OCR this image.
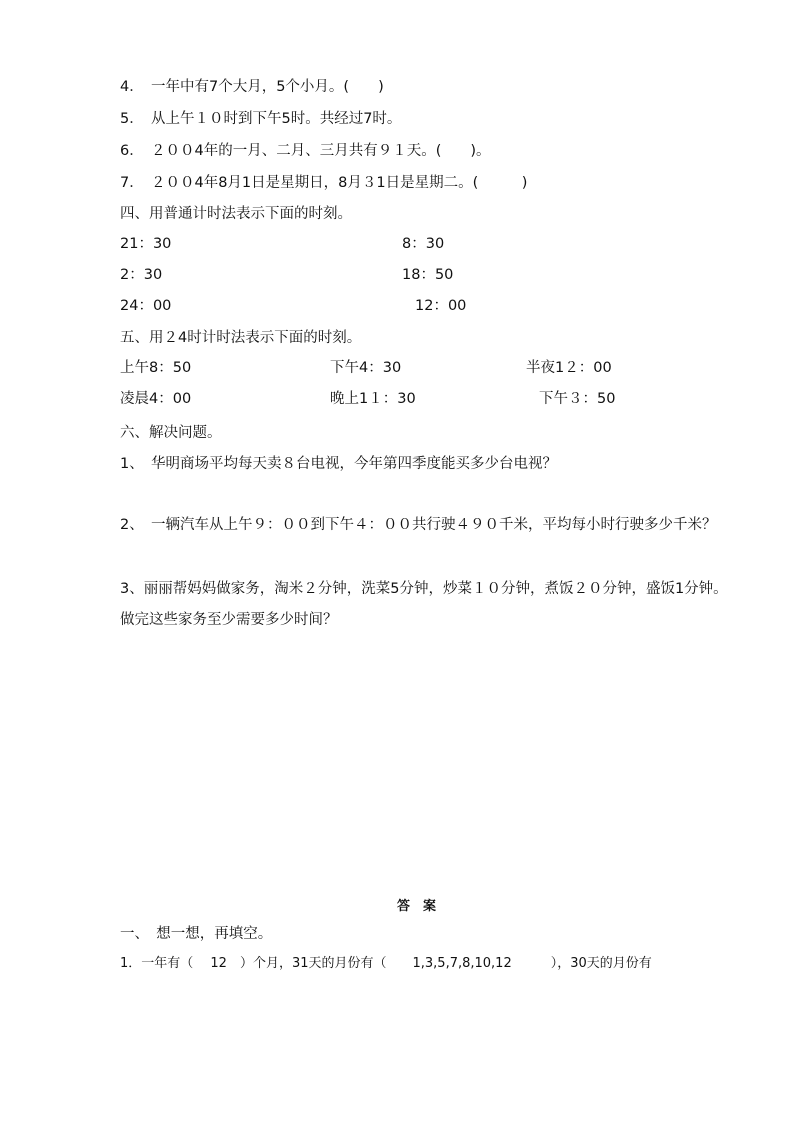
4．　一年中有7个大月，5个小月。(　　)
5．　从上午１０时到下午5时。共经过7时。
6．　２００4年的一月、二月、三月共有９１天。(　　)。
7．　２００4年8月1日是星期日，8月３1日是星期二。(　　　)
四、用普通计时法表示下面的时刻。
21：30	8：30
2：30	18：50
24：00	12：00
五、用２4时计时法表示下面的时刻。
上午8：50	下午4：30	半夜1２：00
凌晨4：00	晚上1１：30	下午３：50
六、解决问题。
1、　华明商场平均每天卖８台电视，今年第四季度能买多少台电视？
2、　一辆汽车从上午９：００到下午４：００共行驶４９０千米，平均每小时行驶多少千米？
3、丽丽帮妈妈做家务，淘米２分钟，洗菜5分钟，炒菜１０分钟，煮饭２０分钟，盛饭1分钟。
做完这些家务至少需要多少时间？
答　案
一、　想一想，再填空。
1．一年有（　 12　）个月，31天的月份有（　　1,3,5,7,8,10,12　　　），30天的月份有
